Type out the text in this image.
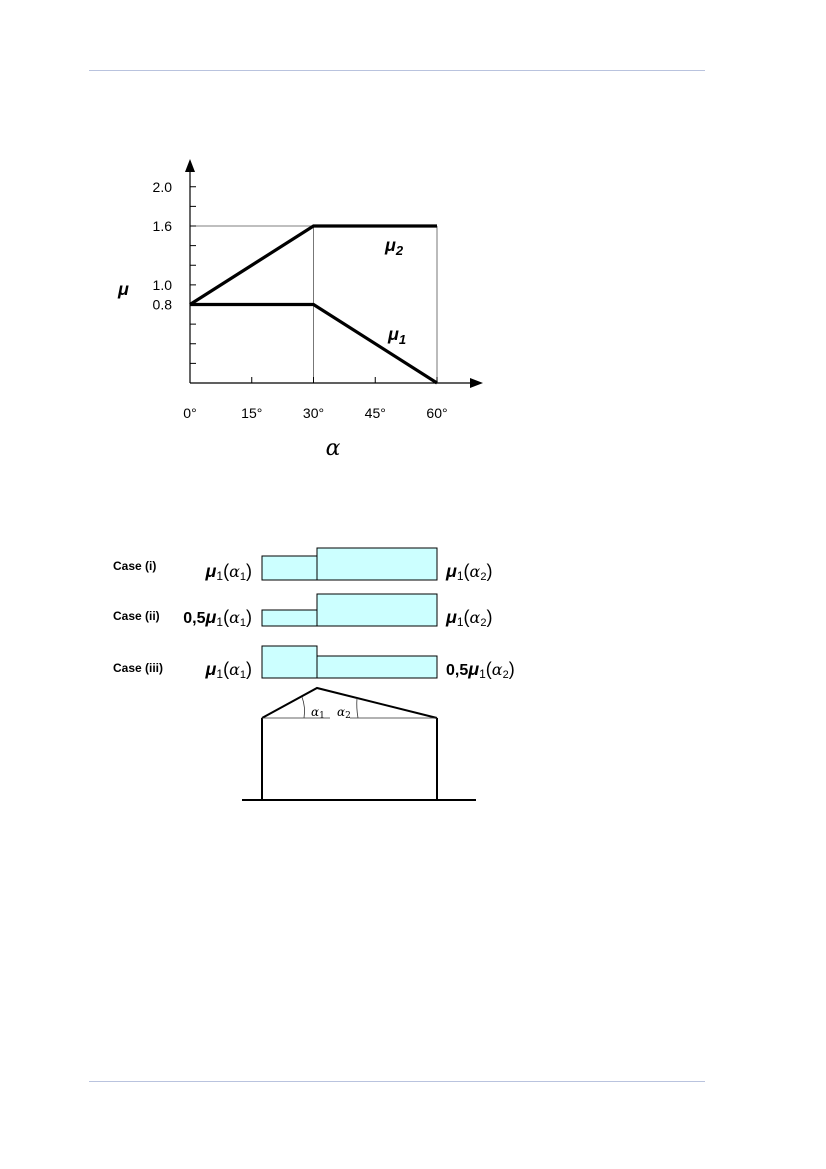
2.0
1.6
1.0
0.8
0°	15°	30°	45°	60°
$\mu_2$
$\mu_1$
μ
α
Case (i)	μ1(α1)	μ1(α2)
Case (ii) 0,5μ1(α1)	μ1(α2)
Case (iii) μ1(α1)	0,5μ1(α2)
α1 α2
